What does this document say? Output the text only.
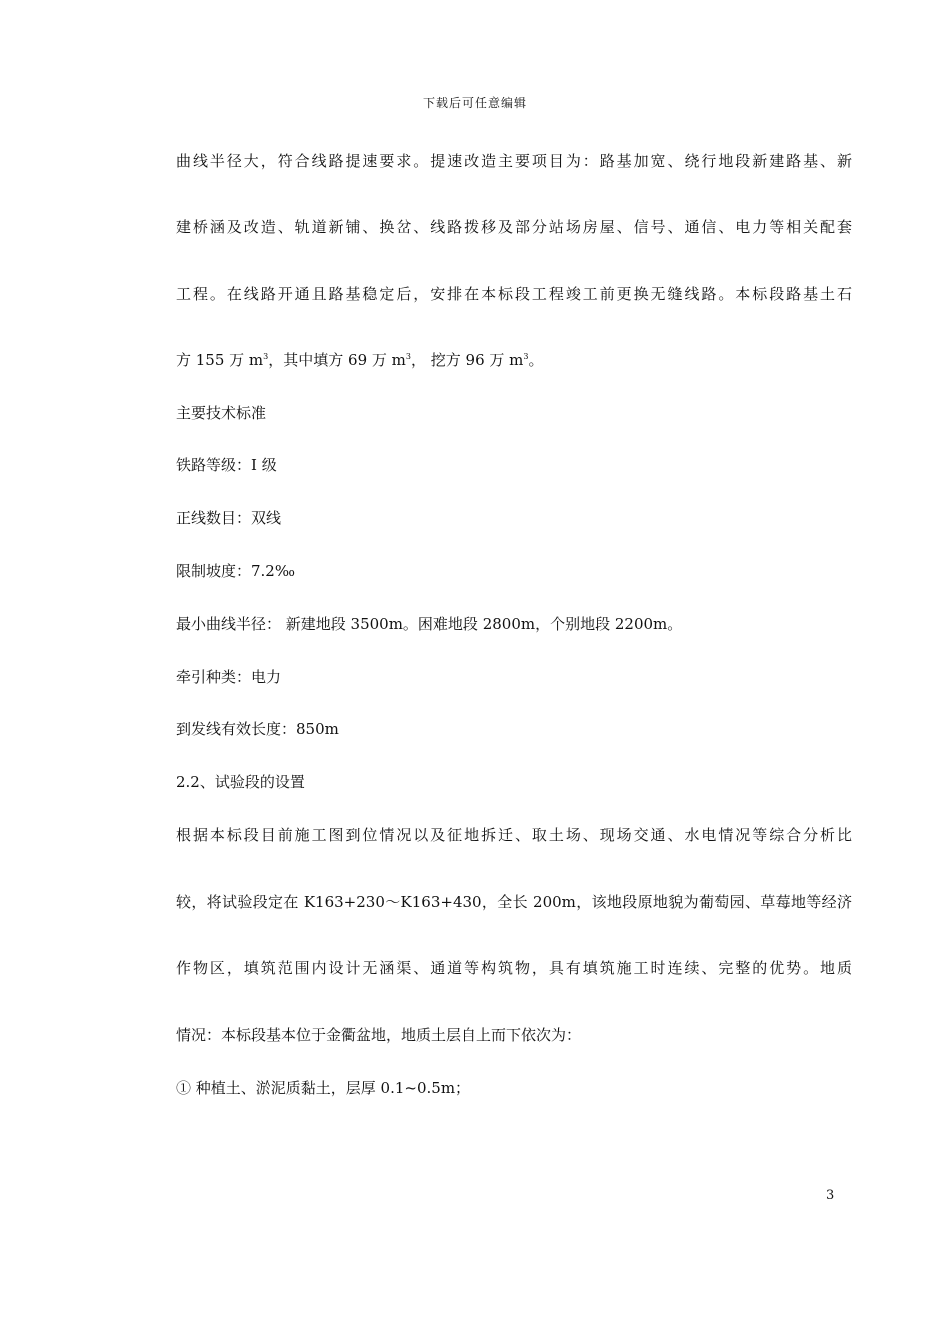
下载后可任意编辑
曲线半径大，符合线路提速要求。提速改造主要项目为：路基加宽、绕行地段新建路基、新
建桥涵及改造、轨道新铺、换岔、线路拨移及部分站场房屋、信号、通信、电力等相关配套
工程。在线路开通且路基稳定后，安排在本标段工程竣工前更换无缝线路。本标段路基土石
方 155 万 $m^3$，其中填方 69 万 $m^3$， 挖方 96 万 $m^3$。
主要技术标准
铁路等级：I 级
正线数目：双线
限制坡度：7.2‰
最小曲线半径： 新建地段 3500m。困难地段 2800m，个别地段 2200m。
牵引种类：电力
到发线有效长度：850m
2.2、试验段的设置
根据本标段目前施工图到位情况以及征地拆迁、取土场、现场交通、水电情况等综合分析比
较，将试验段定在 K163+230～K163+430，全长 200m，该地段原地貌为葡萄园、草莓地等经济
作物区，填筑范围内设计无涵渠、通道等构筑物，具有填筑施工时连续、完整的优势。地质
情况：本标段基本位于金衢盆地，地质土层自上而下依次为：
① 种植土、淤泥质黏土，层厚 0.1~0.5m；
3
